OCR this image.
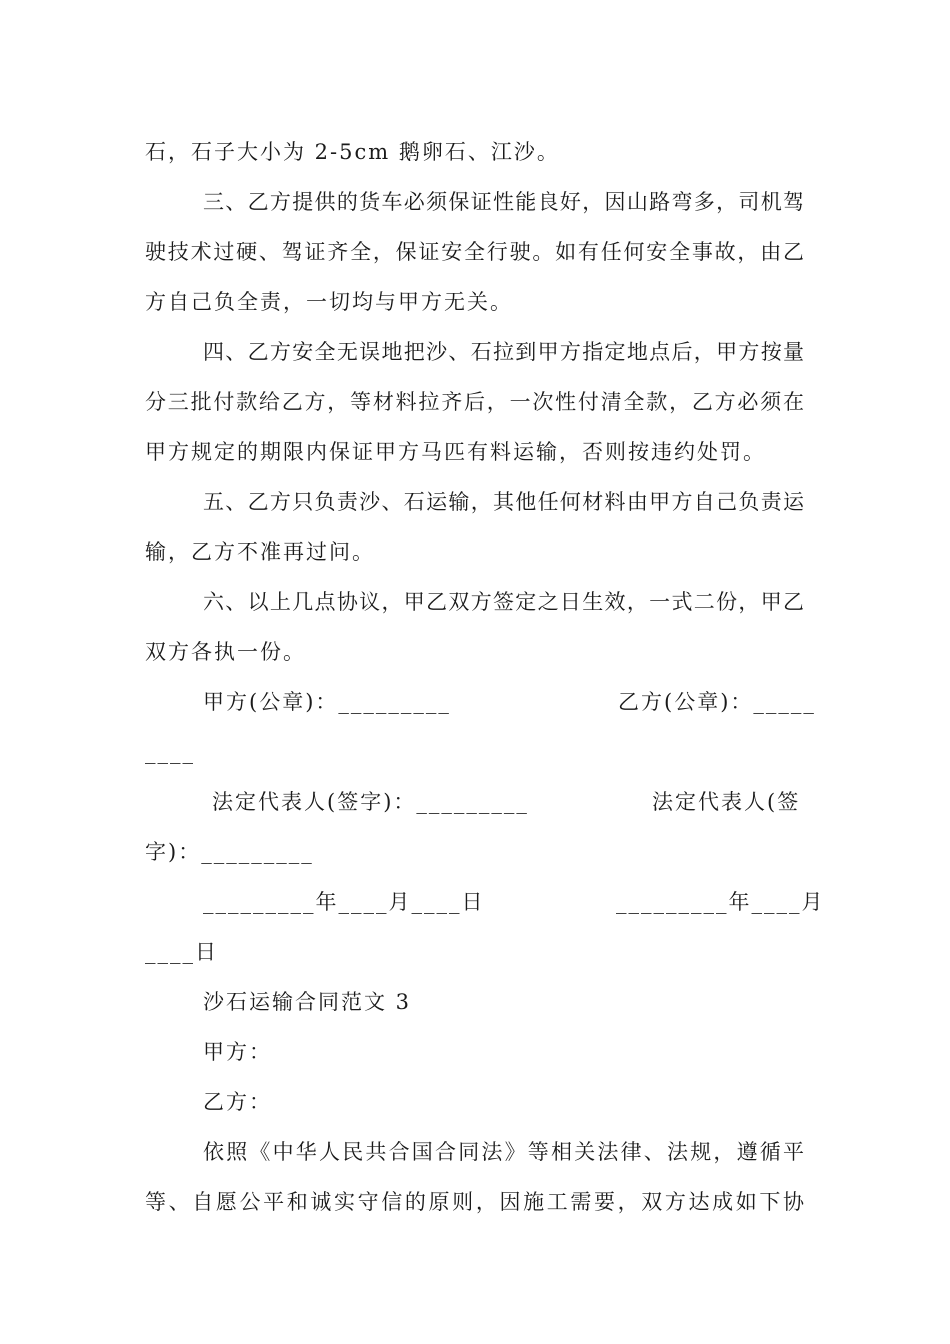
石，石子大小为 2-5cm 鹅卵石、江沙。
三、乙方提供的货车必须保证性能良好，因山路弯多，司机驾
驶技术过硬、驾证齐全，保证安全行驶。如有任何安全事故，由乙
方自己负全责，一切均与甲方无关。
四、乙方安全无误地把沙、石拉到甲方指定地点后，甲方按量
分三批付款给乙方，等材料拉齐后，一次性付清全款，乙方必须在
甲方规定的期限内保证甲方马匹有料运输，否则按违约处罚。
五、乙方只负责沙、石运输，其他任何材料由甲方自己负责运
输，乙方不准再过问。
六、以上几点协议，甲乙双方签定之日生效，一式二份，甲乙
双方各执一份。
甲方(公章)：_________	乙方(公章)：_____
____
法定代表人(签字)：_________	法定代表人(签
字)：_________
_________年____月____日	_________年____月
____日
沙石运输合同范文 3
甲方：
乙方：
依照《中华人民共合国合同法》等相关法律、法规，遵循平
等、自愿公平和诚实守信的原则，因施工需要，双方达成如下协
